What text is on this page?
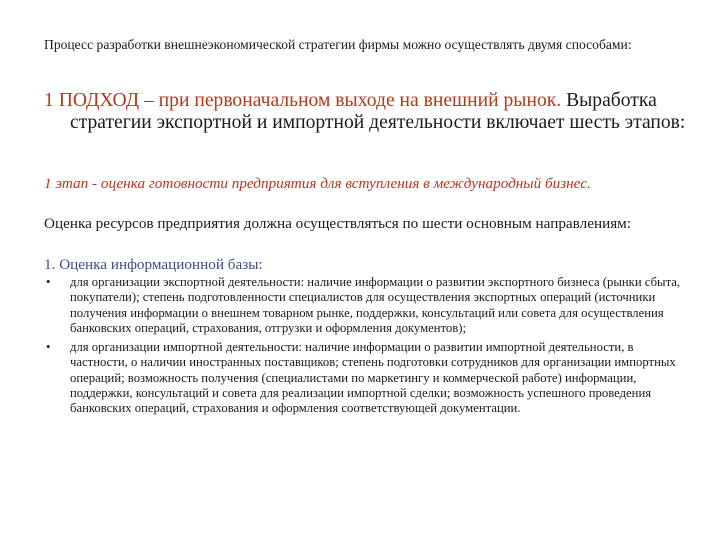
Процесс разработки внешнеэкономической стратегии фирмы можно осуществлять двумя способами:

1 ПОДХОД – при первоначальном выходе на внешний рынок. Выработка стратегии экспортной и импортной деятельности включает шесть этапов:

1 этап - оценка готовности предприятия для вступления в международный бизнес.

Оценка ресурсов предприятия должна осуществляться по шести основным направлениям:

1. Оценка информационной базы:

• для организации экспортной деятельности: наличие информации о развитии экспортного бизнеса (рынки сбыта, покупатели); степень подготовленности специалистов для осуществления экспортных операций (источники получения информации о внешнем товарном рынке, поддержки, консультаций или совета для осуществления банковских операций, страхования, отгрузки и оформления документов);
• для организации импортной деятельности: наличие информации о развитии импортной деятельности, в частности, о наличии иностранных поставщиков; степень подготовки сотрудников для организации импортных операций; возможность получения (специалистами по маркетингу и коммерческой работе) информации, поддержки, консультаций и совета для реализации импортной сделки; возможность успешного проведения банковских операций, страхования и оформления соответствующей документации.
